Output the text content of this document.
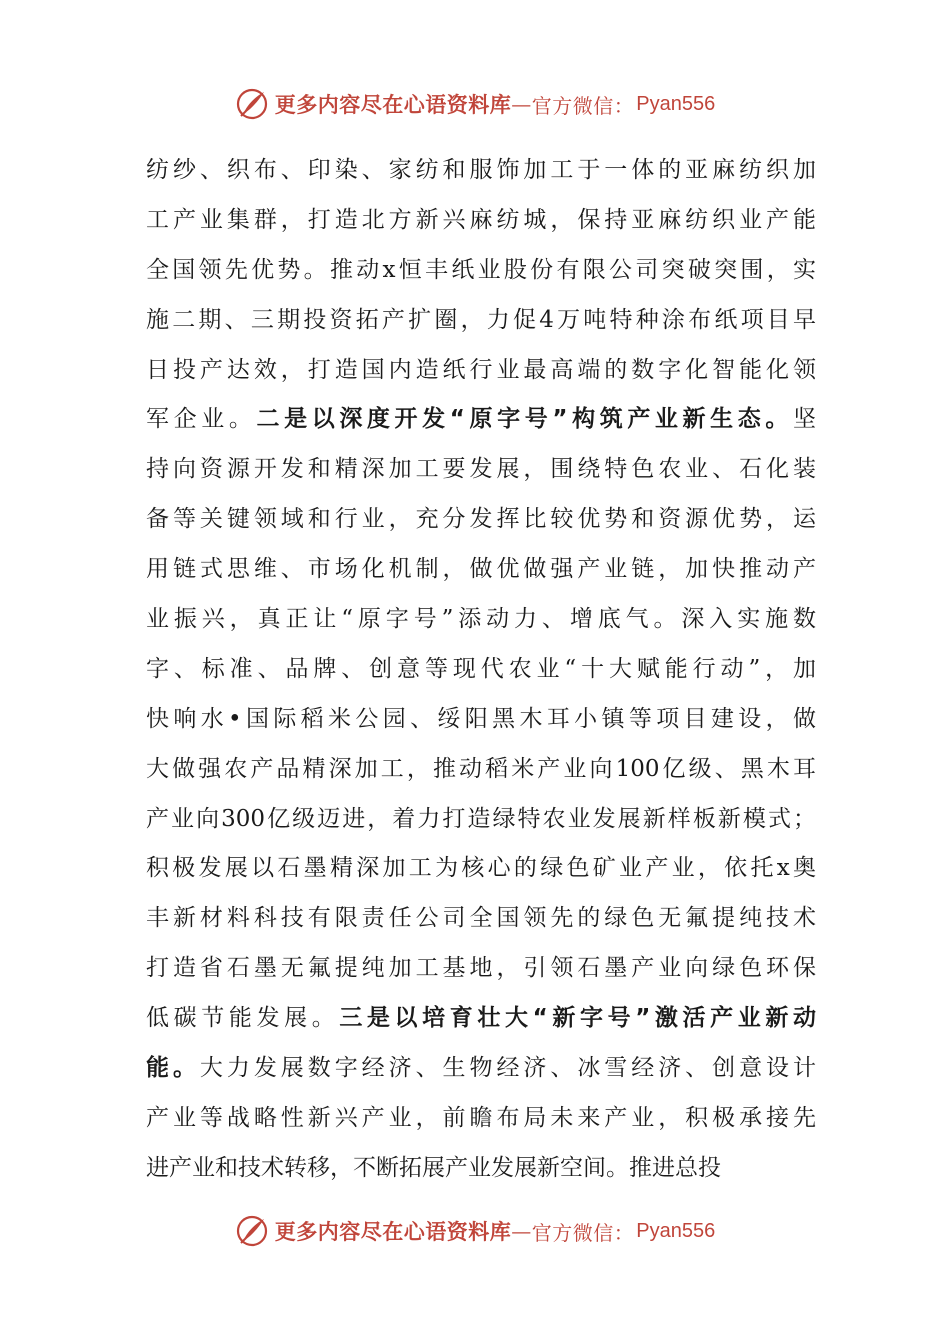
更多内容尽在心语资料库 — 官方微信： Pyan556
纺纱、织布、印染、家纺和服饰加工于一体的亚麻纺织加
工产业集群，打造北方新兴麻纺城，保持亚麻纺织业产能
全国领先优势。推动x恒丰纸业股份有限公司突破突围，实
施二期、三期投资拓产扩圈，力促4万吨特种涂布纸项目早
日投产达效，打造国内造纸行业最高端的数字化智能化领
军企业。二是以深度开发“原字号”构筑产业新生态。坚
持向资源开发和精深加工要发展，围绕特色农业、石化装
备等关键领域和行业，充分发挥比较优势和资源优势，运
用链式思维、市场化机制，做优做强产业链，加快推动产
业振兴，真正让“原字号”添动力、增底气。深入实施数
字、标准、品牌、创意等现代农业“十大赋能行动”，加
快响水•国际稻米公园、绥阳黑木耳小镇等项目建设，做
大做强农产品精深加工，推动稻米产业向100亿级、黑木耳
产业向300亿级迈进，着力打造绿特农业发展新样板新模式；
积极发展以石墨精深加工为核心的绿色矿业产业，依托x奥
丰新材料科技有限责任公司全国领先的绿色无氟提纯技术
打造省石墨无氟提纯加工基地，引领石墨产业向绿色环保
低碳节能发展。三是以培育壮大“新字号”激活产业新动
能。大力发展数字经济、生物经济、冰雪经济、创意设计
产业等战略性新兴产业，前瞻布局未来产业，积极承接先
进产业和技术转移，不断拓展产业发展新空间。推进总投
更多内容尽在心语资料库 — 官方微信： Pyan556
